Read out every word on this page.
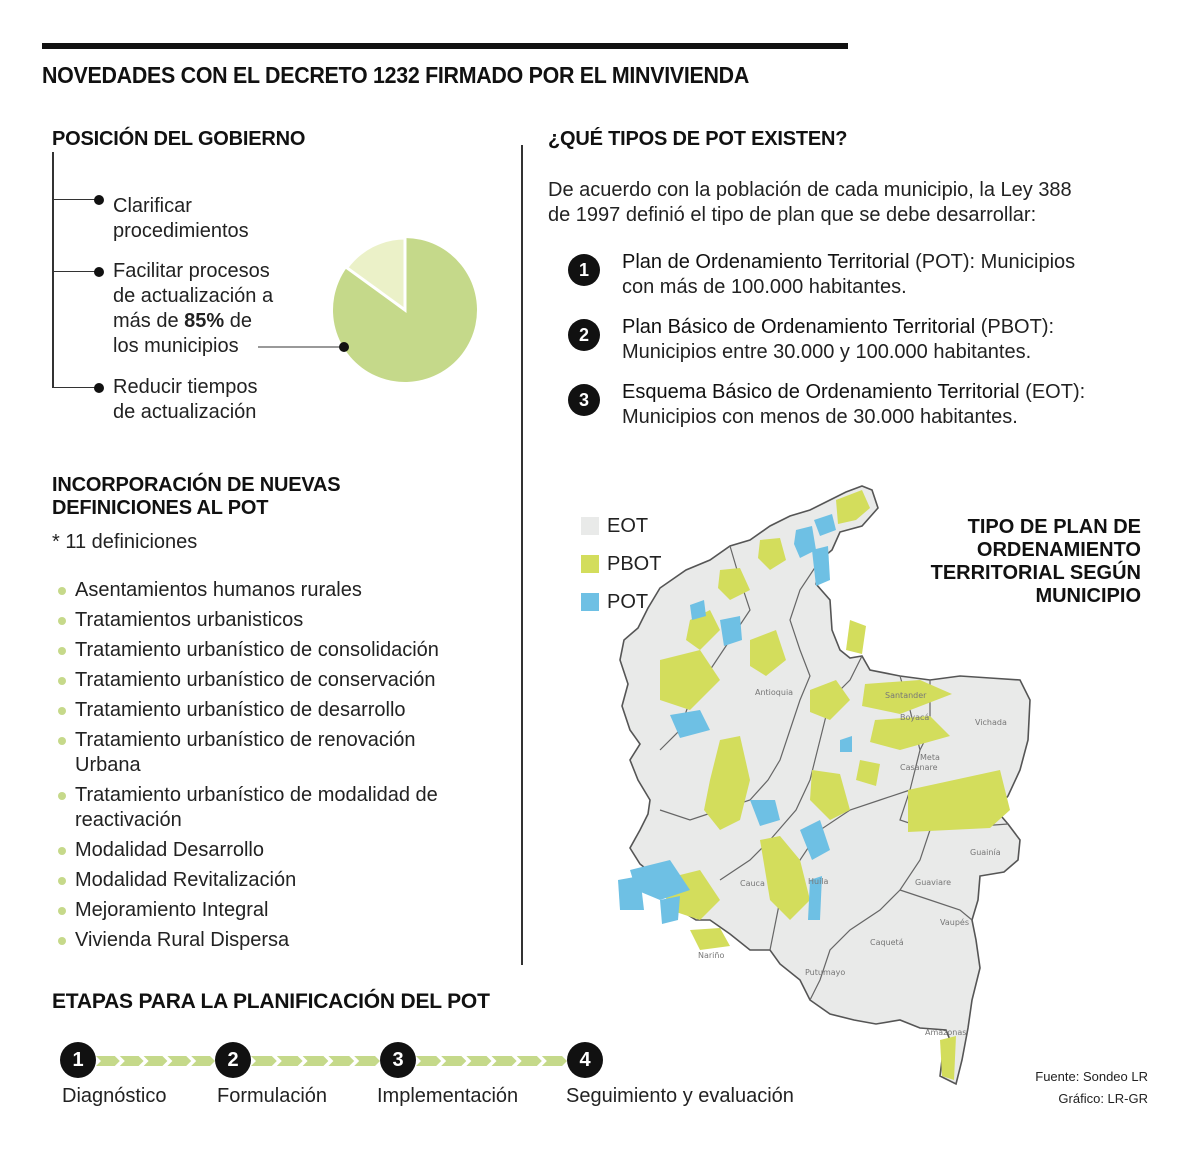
NOVEDADES CON EL DECRETO 1232 FIRMADO POR EL MINVIVIENDA
POSICIÓN DEL GOBIERNO
Clarificar
procedimientos
Facilitar procesos
de actualización a
más de 85% de
los municipios
Reducir tiempos
de actualización
INCORPORACIÓN DE NUEVAS
DEFINICIONES AL POT
* 11 definiciones
Asentamientos humanos rurales
Tratamientos urbanisticos
Tratamiento urbanístico de consolidación
Tratamiento urbanístico de conservación
Tratamiento urbanístico de desarrollo
Tratamiento urbanístico de renovación Urbana
Tratamiento urbanístico de modalidad de reactivación
Modalidad Desarrollo
Modalidad Revitalización
Mejoramiento Integral
Vivienda Rural Dispersa
ETAPAS PARA LA PLANIFICACIÓN DEL POT
1
Diagnóstico
2
Formulación
3
Implementación
4
Seguimiento y evaluación
¿QUÉ TIPOS DE POT EXISTEN?
De acuerdo con la población de cada municipio, la Ley 388
de 1997 definió el tipo de plan que se debe desarrollar:
1 Plan de Ordenamiento Territorial (POT): Municipios
con más de 100.000 habitantes.
2 Plan Básico de Ordenamiento Territorial (PBOT):
Municipios entre 30.000 y 100.000 habitantes.
3 Esquema Básico de Ordenamiento Territorial (EOT):
Municipios con menos de 30.000 habitantes.
EOT
PBOT
POT
TIPO DE PLAN DE
ORDENAMIENTO
TERRITORIAL SEGÚN
MUNICIPIO
Antioquia	Santander
Boyacá
Casanare
Vichada
Meta
Guainía
Guaviare
Caquetá
Vaupés
Amazonas
Putumayo
Nariño
Huila
Cauca
Fuente: Sondeo LR
Gráfico: LR-GR
